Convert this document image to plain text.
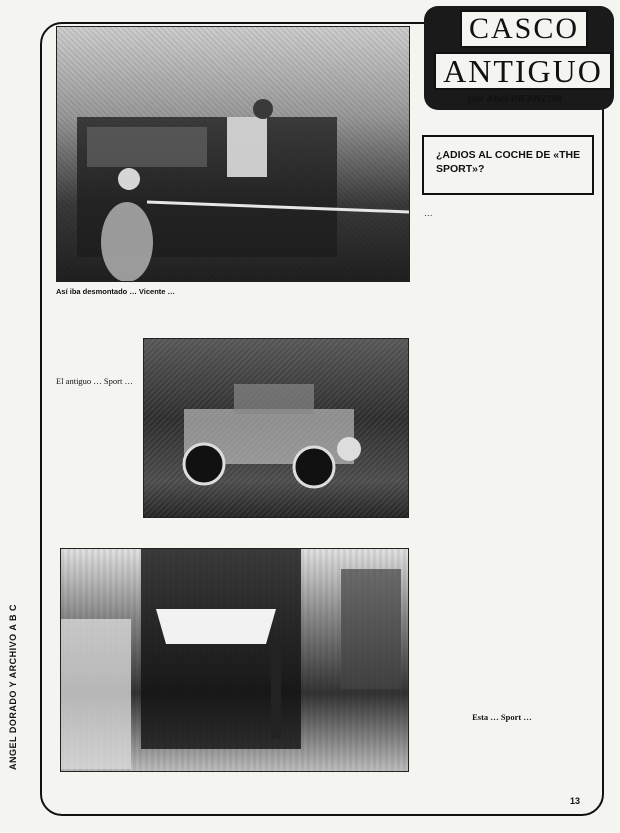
CASCO
ANTIGUO
por Abel INFANZON
¿ADIOS AL COCHE DE «THE SPORT»?
Así iba desmontado … Vicente …
El antiguo … Sport …
…
Esta … Sport …
ANGEL DORADO Y ARCHIVO A B C
13
